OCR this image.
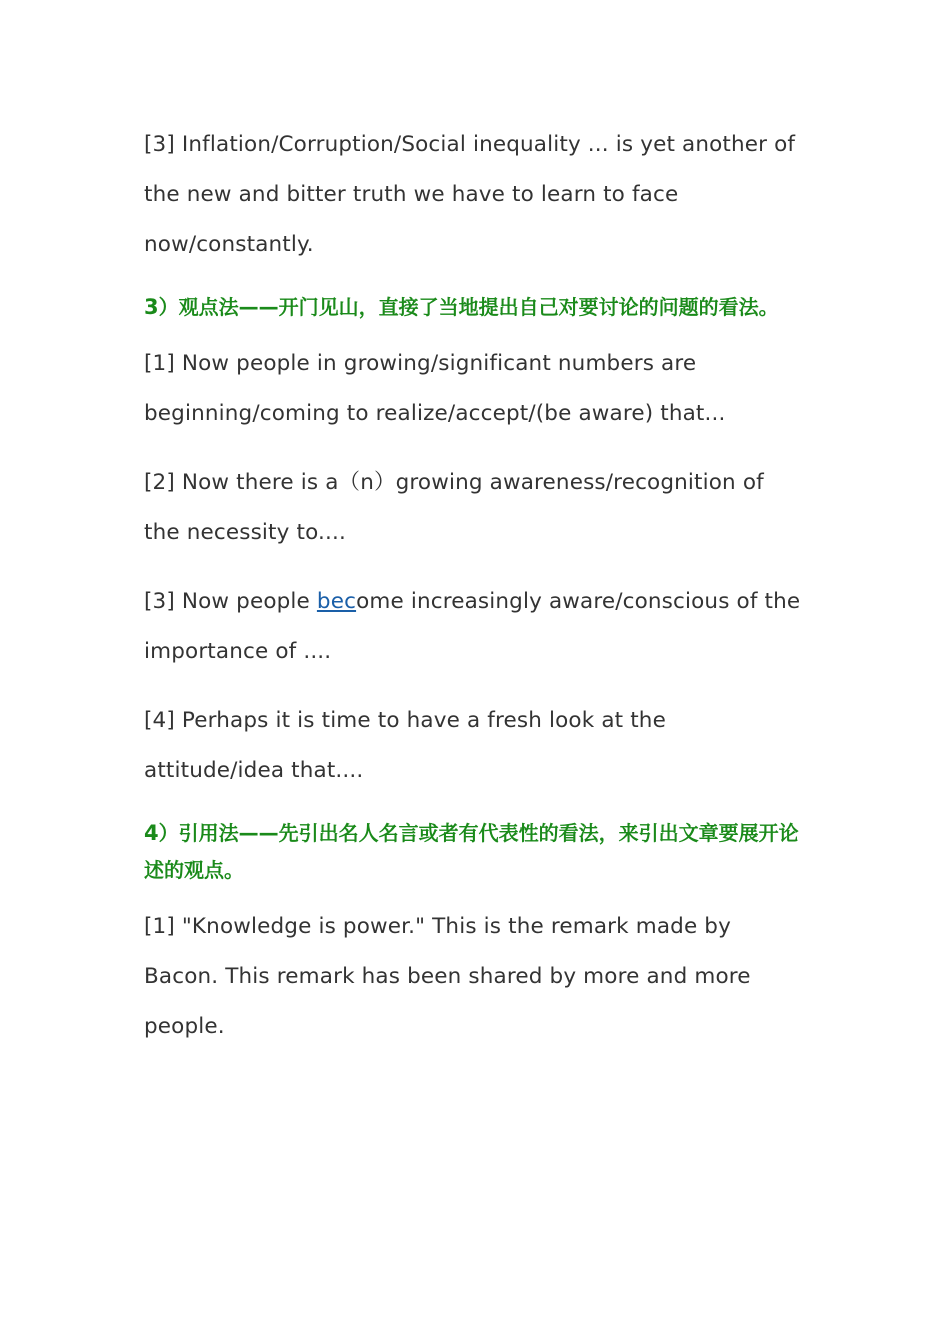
[3] Inflation/Corruption/Social inequality ... is yet another of the new and bitter truth we have to learn to face now/constantly.

3）观点法——开门见山，直接了当地提出自己对要讨论的问题的看法。

[1] Now people in growing/significant numbers are beginning/coming to realize/accept/(be aware) that...

[2] Now there is a（n）growing awareness/recognition of the necessity to....

[3] Now people become increasingly aware/conscious of the importance of ....

[4] Perhaps it is time to have a fresh look at the attitude/idea that....

4）引用法——先引出名人名言或者有代表性的看法，来引出文章要展开论述的观点。

[1] "Knowledge is power." This is the remark made by Bacon. This remark has been shared by more and more people.
